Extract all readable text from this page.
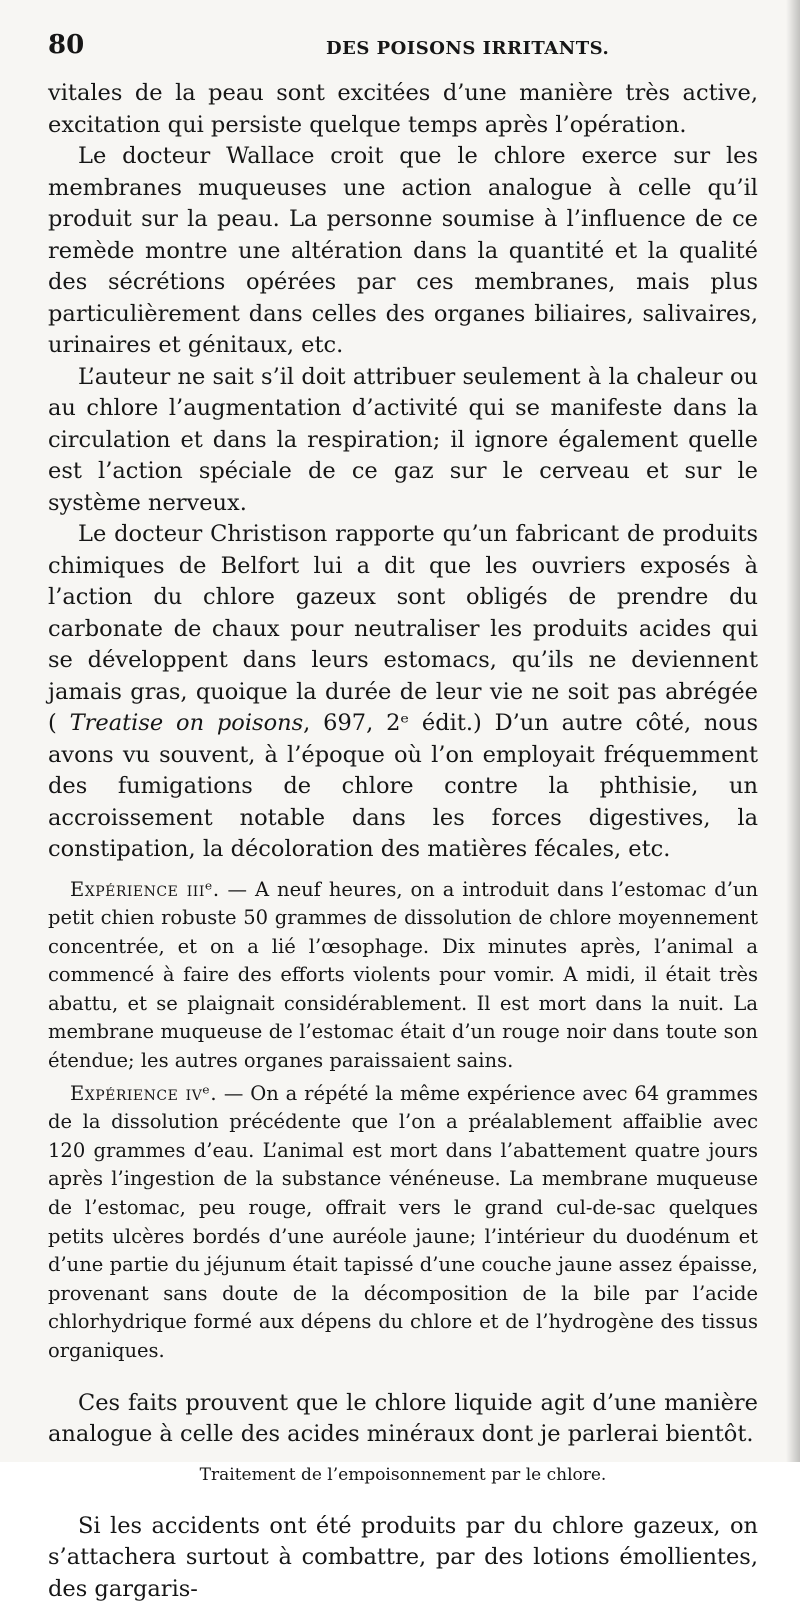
80	DES POISONS IRRITANTS.

vitales de la peau sont excitées d’une manière très active, excitation qui persiste quelque temps après l’opération.

Le docteur Wallace croit que le chlore exerce sur les membranes muqueuses une action analogue à celle qu’il produit sur la peau. La personne soumise à l’influence de ce remède montre une altération dans la quantité et la qualité des sécrétions opérées par ces membranes, mais plus particulièrement dans celles des organes biliaires, salivaires, urinaires et génitaux, etc.

L’auteur ne sait s’il doit attribuer seulement à la chaleur ou au chlore l’augmentation d’activité qui se manifeste dans la circulation et dans la respiration; il ignore également quelle est l’action spéciale de ce gaz sur le cerveau et sur le système nerveux.

Le docteur Christison rapporte qu’un fabricant de produits chimiques de Belfort lui a dit que les ouvriers exposés à l’action du chlore gazeux sont obligés de prendre du carbonate de chaux pour neutraliser les produits acides qui se développent dans leurs estomacs, qu’ils ne deviennent jamais gras, quoique la durée de leur vie ne soit pas abrégée ( Treatise on poisons, 697, 2ᵉ édit.) D’un autre côté, nous avons vu souvent, à l’époque où l’on employait fréquemment des fumigations de chlore contre la phthisie, un accroissement notable dans les forces digestives, la constipation, la décoloration des matières fécales, etc.

Expérience iiiᵉ. — A neuf heures, on a introduit dans l’estomac d’un petit chien robuste 50 grammes de dissolution de chlore moyennement concentrée, et on a lié l’œsophage. Dix minutes après, l’animal a commencé à faire des efforts violents pour vomir. A midi, il était très abattu, et se plaignait considérablement. Il est mort dans la nuit. La membrane muqueuse de l’estomac était d’un rouge noir dans toute son étendue; les autres organes paraissaient sains.

Expérience ivᵉ. — On a répété la même expérience avec 64 grammes de la dissolution précédente que l’on a préalablement affaiblie avec 120 grammes d’eau. L’animal est mort dans l’abattement quatre jours après l’ingestion de la substance vénéneuse. La membrane muqueuse de l’estomac, peu rouge, offrait vers le grand cul-de-sac quelques petits ulcères bordés d’une auréole jaune; l’intérieur du duodénum et d’une partie du jéjunum était tapissé d’une couche jaune assez épaisse, provenant sans doute de la décomposition de la bile par l’acide chlorhydrique formé aux dépens du chlore et de l’hydrogène des tissus organiques.

Ces faits prouvent que le chlore liquide agit d’une manière analogue à celle des acides minéraux dont je parlerai bientôt.

Traitement de l’empoisonnement par le chlore.

Si les accidents ont été produits par du chlore gazeux, on s’attachera surtout à combattre, par des lotions émollientes, des gargaris-
